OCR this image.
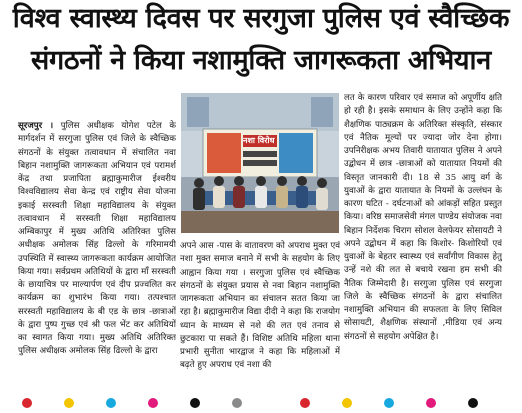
विश्व स्वास्थ्य दिवस पर सरगुजा पुलिस एवं स्वैच्छिक
संगठनों ने किया नशामुक्ति जागरूकता अभियान

सूरजपुर । पुलिस अधीक्षक योगेश पटेल के मार्गदर्शन में सरगुजा पुलिस एवं जिले के स्वैच्छिक संगठनों के संयुक्त तत्वावधान में संचालित नवा बिहान नशामुक्ति जागरूकता अभियान एवं परामर्श केंद्र तथा प्रजापिता ब्रह्माकुमारीज ईश्वरीय विश्वविद्यालय सेवा केन्द्र एवं राष्ट्रीय सेवा योजना इकाई सरस्वती शिक्षा महाविद्यालय के संयुक्त तत्वावधान में सरस्वती शिक्षा महाविद्यालय अम्बिकापुर में मुख्य अतिथि अतिरिक्त पुलिस अधीक्षक अमोलक सिंह ढिल्लो के गरिमामयी उपस्थिति में स्वास्थ्य जागरूकता कार्यक्रम आयोजित किया गया। सर्वप्रथम अतिथियों के द्वारा माँ सरस्वती के छायाचित्र पर माल्यार्पण एवं दीप प्रज्वलित कर कार्यक्रम का शुभारंभ किया गया। तत्पश्चात सरस्वती महाविद्यालय के बी एड के छात्र -छात्राओं के द्वारा पुष्प गुच्छ एवं श्री फल भेंट कर अतिथियों का स्वागत किया गया। मुख्य अतिथि अतिरिक्त पुलिस अधीक्षक अमोलक सिंह ढिल्लो के द्वारा

नशा विरोध

अपने आस -पास के वातावरण को अपराध मुक्त एवं नशा मुक्त समाज बनाने में सभी के सहयोग के लिए आह्वान किया गया । सरगुजा पुलिस एवं स्वैच्छिक संगठनों के संयुक्त प्रयास से नवा बिहान नशामुक्ति जागरूकता अभियान का संचालन सतत किया जा रहा है। ब्रह्माकुमारीज विद्या दीदी ने कहा कि राजयोग ध्यान के माध्यम से नशे की लत एवं तनाव से छुटकारा पा सकते हैं। विशिष्ट अतिथि महिला थाना प्रभारी सुनीता भारद्वाज ने कहा कि महिलाओं में बढ़ते हुए अपराध एवं नशा की

लत के कारण परिवार एवं समाज को अपूर्णीय क्षति हो रही है। इसके समाधान के लिए उन्होंने कहा कि शैक्षणिक पाठ्यक्रम के अतिरिक्त संस्कृति, संस्कार एवं नैतिक मूल्यों पर ज्यादा जोर देना होगा। उपनिरीक्षक अभय तिवारी यातायात पुलिस ने अपने उद्बोधन में छात्र -छात्राओं को यातायात नियमों की विस्तृत जानकारी दी। 18 से 35 आयु वर्ग के युवाओं के द्वारा यातायात के नियमों के उल्लंघन के कारण घटित - दर्घटनाओं को आंकड़ों सहित प्रस्तुत किया। वरिष्ठ समाजसेवी मंगल पाण्डेय संयोजक नवा बिहान निर्देशक चिराग सोशल वेलफेयर सोसायटी ने अपने उद्बोधन में कहा कि किशोर- किशोरियों एवं युवाओं के बेहतर स्वास्थ्य एवं सर्वांगीण विकास हेतु उन्हें नशे की लत से बचाये रखना हम सभी की नैतिक जिम्मेदारी है। सरगुजा पुलिस एवं सरगुजा जिले के स्वैच्छिक संगठनों के द्वारा संचालित नशामुक्ति अभियान की सफलता के लिए सिविल सोसायटी, शैक्षणिक संस्थानों ,मीडिया एवं अन्य संगठनों से सहयोग अपेक्षित है।
